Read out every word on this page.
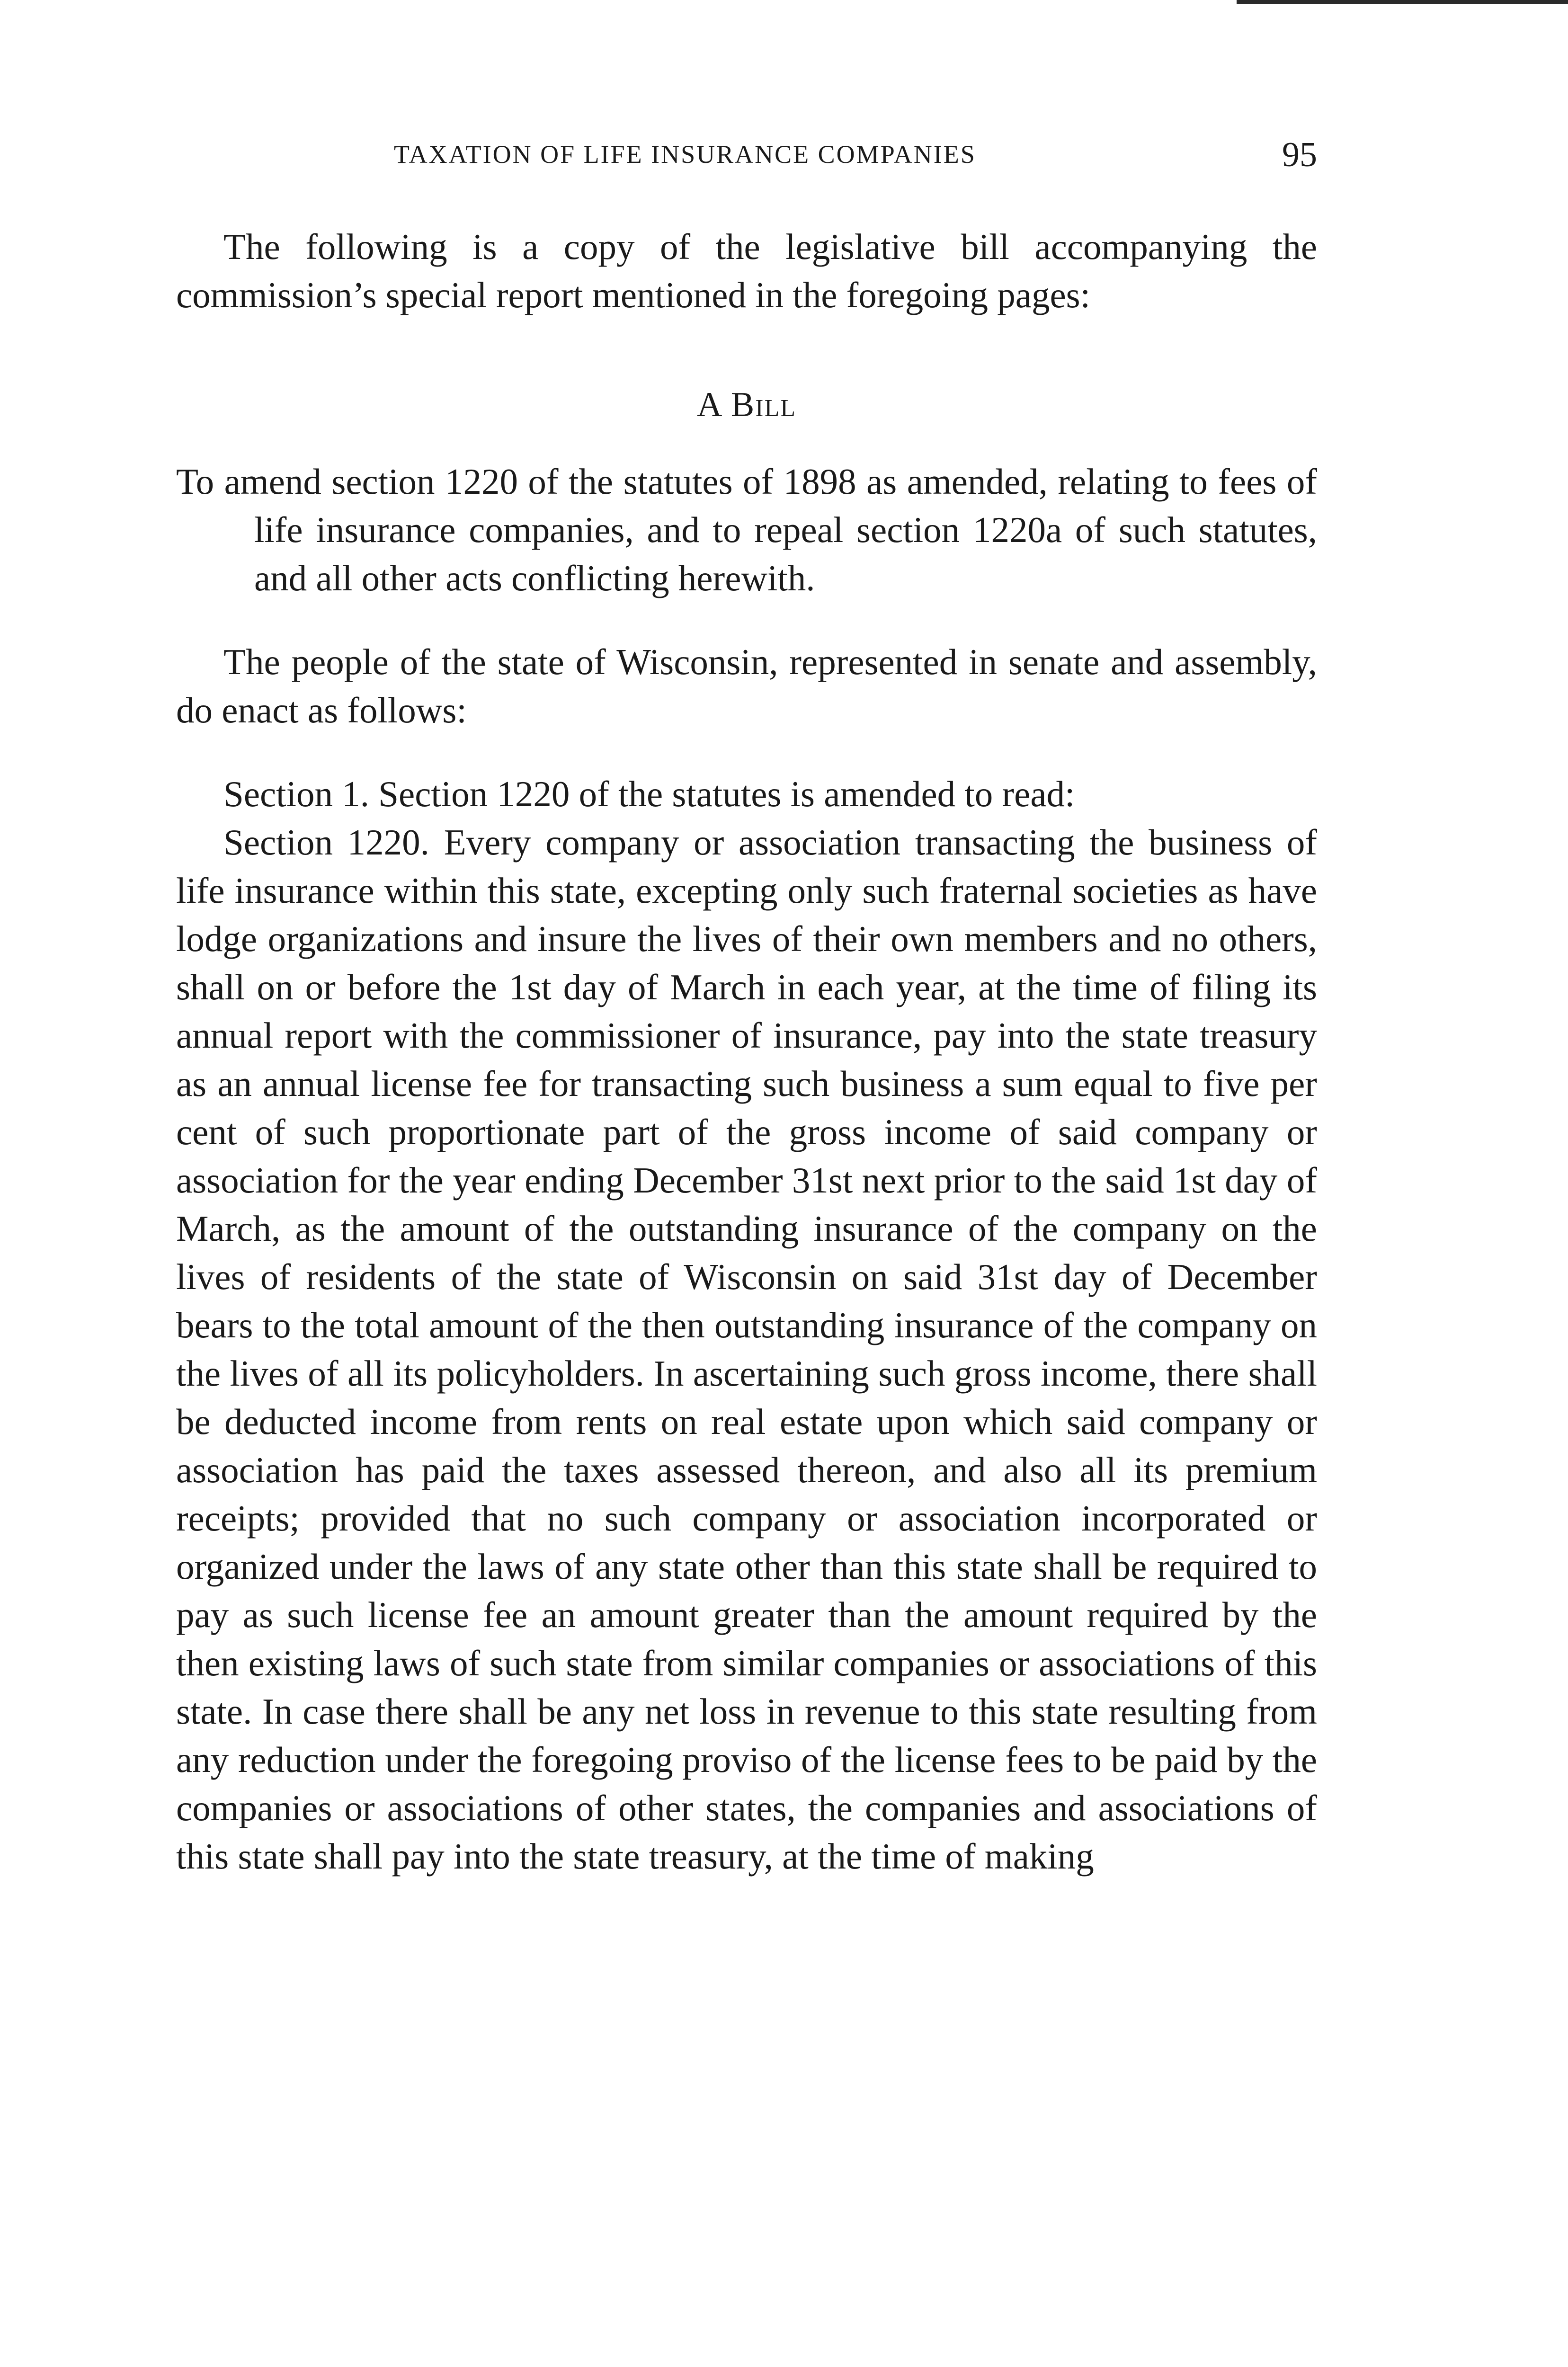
TAXATION OF LIFE INSURANCE COMPANIES	95

The following is a copy of the legislative bill accompanying the commission’s special report mentioned in the foregoing pages:

A Bill

To amend section 1220 of the statutes of 1898 as amended, relating to fees of life insurance companies, and to repeal section 1220a of such statutes, and all other acts conflicting herewith.

The people of the state of Wisconsin, represented in senate and assembly, do enact as follows:

Section 1. Section 1220 of the statutes is amended to read:

Section 1220. Every company or association transacting the business of life insurance within this state, excepting only such fraternal societies as have lodge organizations and insure the lives of their own members and no others, shall on or before the 1st day of March in each year, at the time of filing its annual report with the commissioner of insurance, pay into the state treasury as an annual license fee for transacting such business a sum equal to five per cent of such proportionate part of the gross income of said company or association for the year ending December 31st next prior to the said 1st day of March, as the amount of the outstanding insurance of the company on the lives of residents of the state of Wisconsin on said 31st day of December bears to the total amount of the then outstanding insurance of the company on the lives of all its policyholders. In ascertaining such gross income, there shall be deducted income from rents on real estate upon which said company or association has paid the taxes assessed thereon, and also all its premium receipts; provided that no such company or association incorporated or organized under the laws of any state other than this state shall be required to pay as such license fee an amount greater than the amount required by the then existing laws of such state from similar companies or associations of this state. In case there shall be any net loss in revenue to this state resulting from any reduction under the foregoing proviso of the license fees to be paid by the companies or associations of other states, the companies and associations of this state shall pay into the state treasury, at the time of making
